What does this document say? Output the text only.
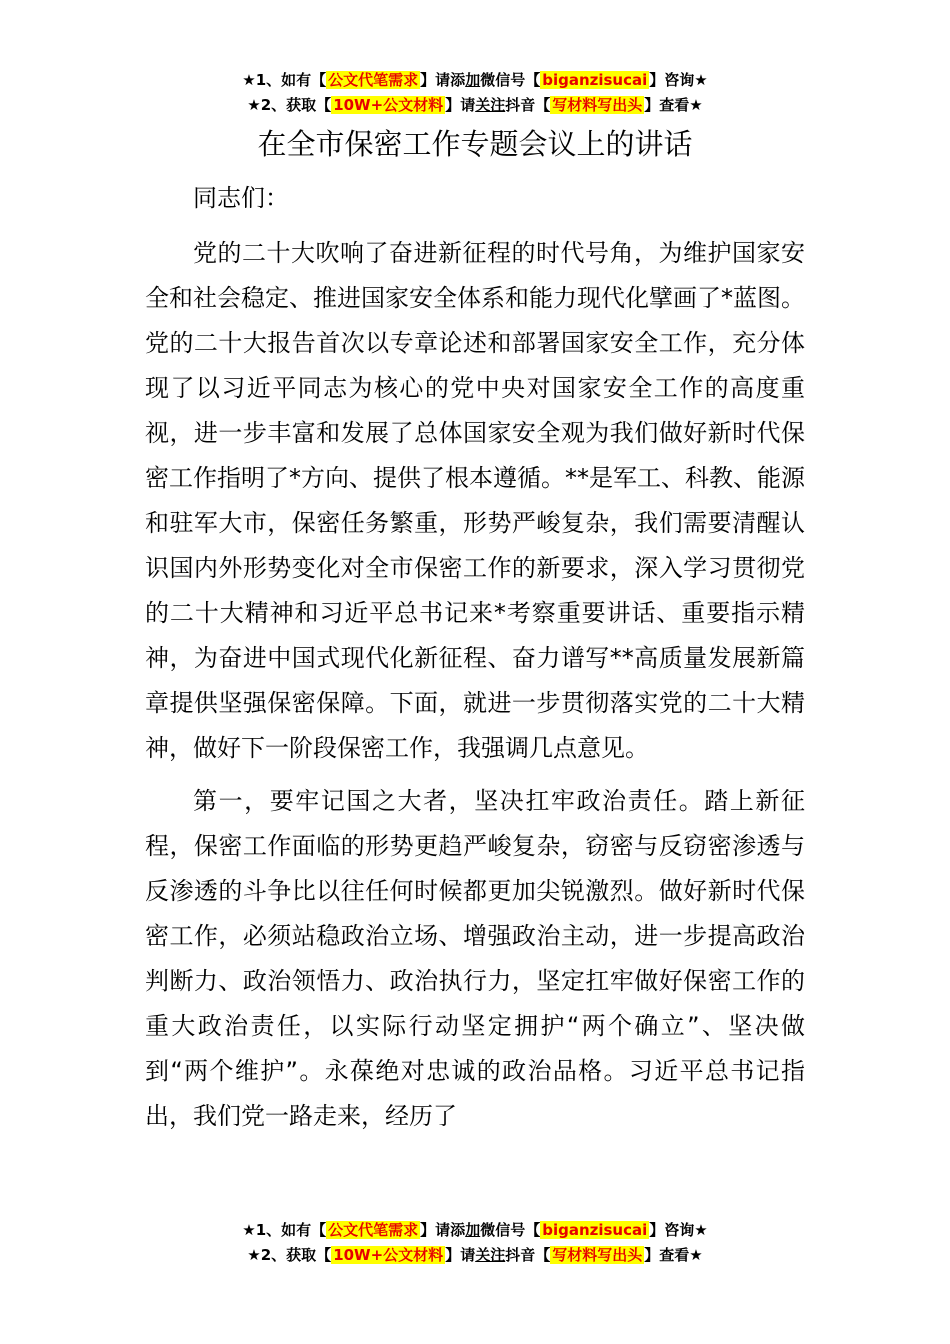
★1、如有【 公文代笔需求 】请添加微信号【 biganzisucai 】咨询★
★2、获取【 10W+公文材料 】请关注抖音【 写材料写出头 】查看★
在全市保密工作专题会议上的讲话

同志们：

党的二十大吹响了奋进新征程的时代号角，为维护国家安全和社会稳定、推进国家安全体系和能力现代化擘画了*蓝图。党的二十大报告首次以专章论述和部署国家安全工作，充分体现了以习近平同志为核心的党中央对国家安全工作的高度重视，进一步丰富和发展了总体国家安全观为我们做好新时代保密工作指明了*方向、提供了根本遵循。**是军工、科教、能源和驻军大市，保密任务繁重，形势严峻复杂，我们需要清醒认识国内外形势变化对全市保密工作的新要求，深入学习贯彻党的二十大精神和习近平总书记来*考察重要讲话、重要指示精神，为奋进中国式现代化新征程、奋力谱写**高质量发展新篇章提供坚强保密保障。下面，就进一步贯彻落实党的二十大精神，做好下一阶段保密工作，我强调几点意见。

第一，要牢记国之大者，坚决扛牢政治责任。踏上新征程，保密工作面临的形势更趋严峻复杂，窃密与反窃密渗透与反渗透的斗争比以往任何时候都更加尖锐激烈。做好新时代保密工作，必须站稳政治立场、增强政治主动，进一步提高政治判断力、政治领悟力、政治执行力，坚定扛牢做好保密工作的重大政治责任，以实际行动坚定拥护“两个确立”、坚决做到“两个维护”。永葆绝对忠诚的政治品格。习近平总书记指出，我们党一路走来，经历了

★1、如有【 公文代笔需求 】请添加微信号【 biganzisucai 】咨询★
★2、获取【 10W+公文材料 】请关注抖音【 写材料写出头 】查看★
